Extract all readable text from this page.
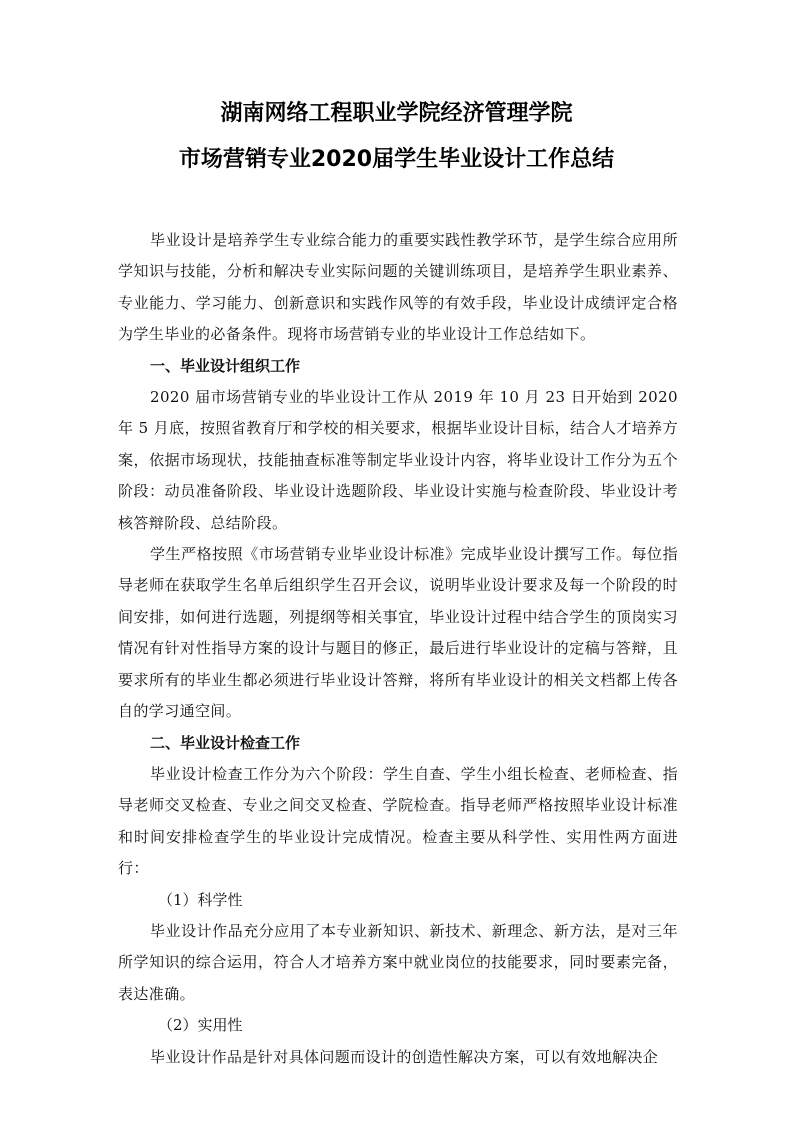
湖南网络工程职业学院经济管理学院
市场营销专业2020届学生毕业设计工作总结

毕业设计是培养学生专业综合能力的重要实践性教学环节，是学生综合应用所学知识与技能，分析和解决专业实际问题的关键训练项目，是培养学生职业素养、专业能力、学习能力、创新意识和实践作风等的有效手段，毕业设计成绩评定合格为学生毕业的必备条件。现将市场营销专业的毕业设计工作总结如下。

一、毕业设计组织工作

2020 届市场营销专业的毕业设计工作从 2019 年 10 月 23 日开始到 2020 年 5 月底，按照省教育厅和学校的相关要求，根据毕业设计目标，结合人才培养方案，依据市场现状，技能抽查标准等制定毕业设计内容，将毕业设计工作分为五个阶段：动员准备阶段、毕业设计选题阶段、毕业设计实施与检查阶段、毕业设计考核答辩阶段、总结阶段。

学生严格按照《市场营销专业毕业设计标准》完成毕业设计撰写工作。每位指导老师在获取学生名单后组织学生召开会议，说明毕业设计要求及每一个阶段的时间安排，如何进行选题，列提纲等相关事宜，毕业设计过程中结合学生的顶岗实习情况有针对性指导方案的设计与题目的修正，最后进行毕业设计的定稿与答辩，且要求所有的毕业生都必须进行毕业设计答辩，将所有毕业设计的相关文档都上传各自的学习通空间。

二、毕业设计检查工作

毕业设计检查工作分为六个阶段：学生自查、学生小组长检查、老师检查、指导老师交叉检查、专业之间交叉检查、学院检查。指导老师严格按照毕业设计标准和时间安排检查学生的毕业设计完成情况。检查主要从科学性、实用性两方面进行：

（1）科学性

毕业设计作品充分应用了本专业新知识、新技术、新理念、新方法，是对三年所学知识的综合运用，符合人才培养方案中就业岗位的技能要求，同时要素完备，表达准确。

（2）实用性

毕业设计作品是针对具体问题而设计的创造性解决方案，可以有效地解决企
